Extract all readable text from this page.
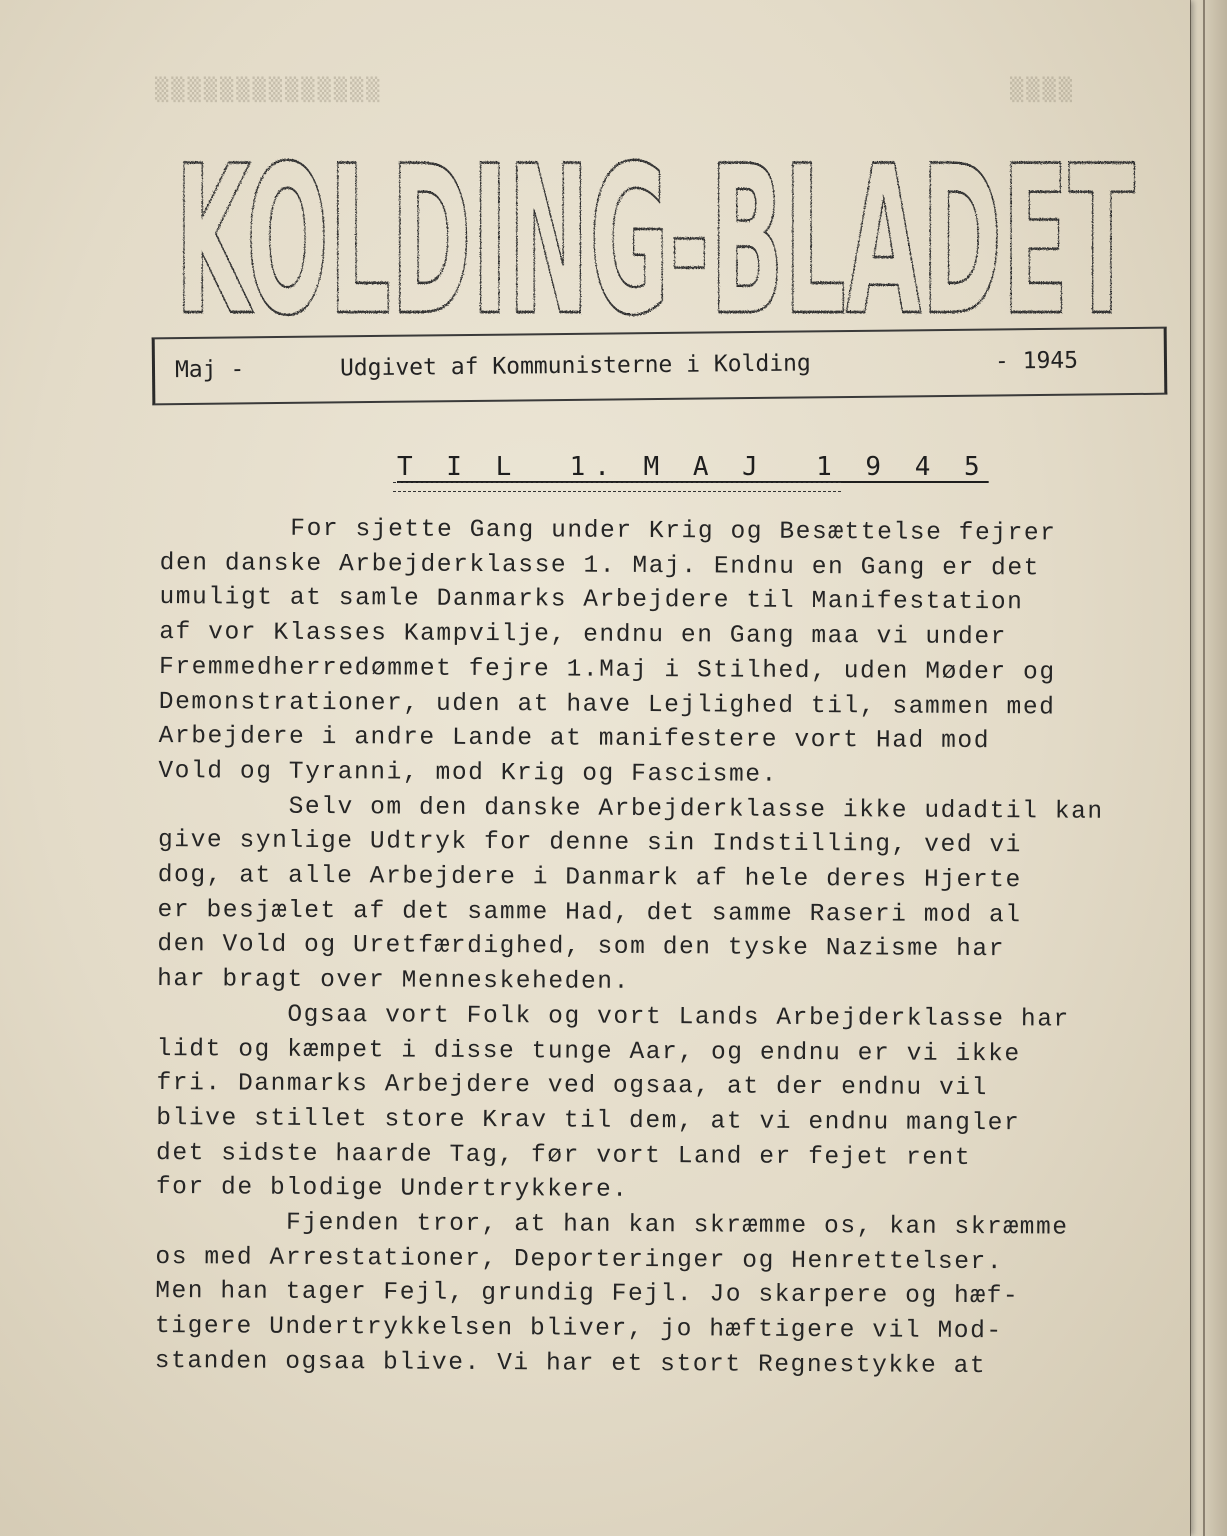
▒▒▒▒▒▒▒▒▒▒▒▒▒▒	▒▒▒▒
KOLDING-BLADET
KOLDING-BLADET
Maj -	Udgivet af Kommunisterne i Kolding	- 1945
T I L  1. M A J  1 9 4 5
For sjette Gang under Krig og Besættelse fejrer
den danske Arbejderklasse 1. Maj. Endnu en Gang er det
umuligt at samle Danmarks Arbejdere til Manifestation
af vor Klasses Kampvilje, endnu en Gang maa vi under
Fremmedherredømmet fejre 1.Maj i Stilhed, uden Møder og
Demonstrationer, uden at have Lejlighed til, sammen med
Arbejdere i andre Lande at manifestere vort Had mod
Vold og Tyranni, mod Krig og Fascisme.
Selv om den danske Arbejderklasse ikke udadtil kan
give synlige Udtryk for denne sin Indstilling, ved vi
dog, at alle Arbejdere i Danmark af hele deres Hjerte
er besjælet af det samme Had, det samme Raseri mod al
den Vold og Uretfærdighed, som den tyske Nazisme har
har bragt over Menneskeheden.
Ogsaa vort Folk og vort Lands Arbejderklasse har
lidt og kæmpet i disse tunge Aar, og endnu er vi ikke
fri. Danmarks Arbejdere ved ogsaa, at der endnu vil
blive stillet store Krav til dem, at vi endnu mangler
det sidste haarde Tag, før vort Land er fejet rent
for de blodige Undertrykkere.
Fjenden tror, at han kan skræmme os, kan skræmme
os med Arrestationer, Deporteringer og Henrettelser.
Men han tager Fejl, grundig Fejl. Jo skarpere og hæf-
tigere Undertrykkelsen bliver, jo hæftigere vil Mod-
standen ogsaa blive. Vi har et stort Regnestykke at
